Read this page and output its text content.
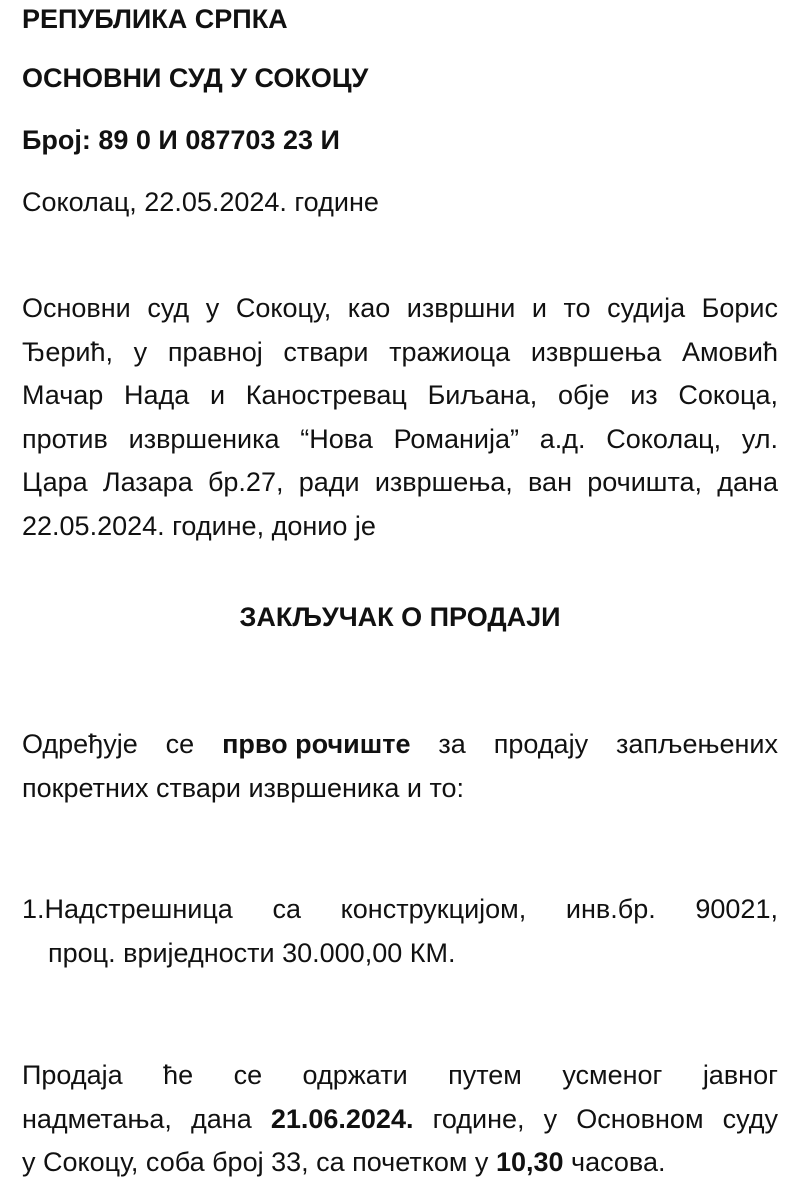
РЕПУБЛИКА СРПКА
ОСНОВНИ СУД У СОКОЦУ
Број: 89 0 И 087703 23 И
Соколац, 22.05.2024. године
Основни суд у Сокоцу, као извршни и то судија Борис
Ђерић, у правној ствари тражиоца извршења Амовић
Мачар Нада и Каностревац Биљана, обје из Сокоца,
против извршеника “Нова Романија” а.д. Соколац, ул.
Цара Лазара бр.27, ради извршења, ван рочишта, дана
22.05.2024. године, донио је
ЗАКЉУЧАК О ПРОДАЈИ
Одређује се прво рочиште за продају запљењених
покретних ствари извршеника и то:
1.Надстрешница са конструкцијом, инв.бр. 90021,
проц. вриједности 30.000,00 КМ.
Продаја ће се одржати путем усменог јавног
надметања, дана 21.06.2024. године, у Основном суду
у Сокоцу, соба број 33, са почетком у 10,30 часова.
